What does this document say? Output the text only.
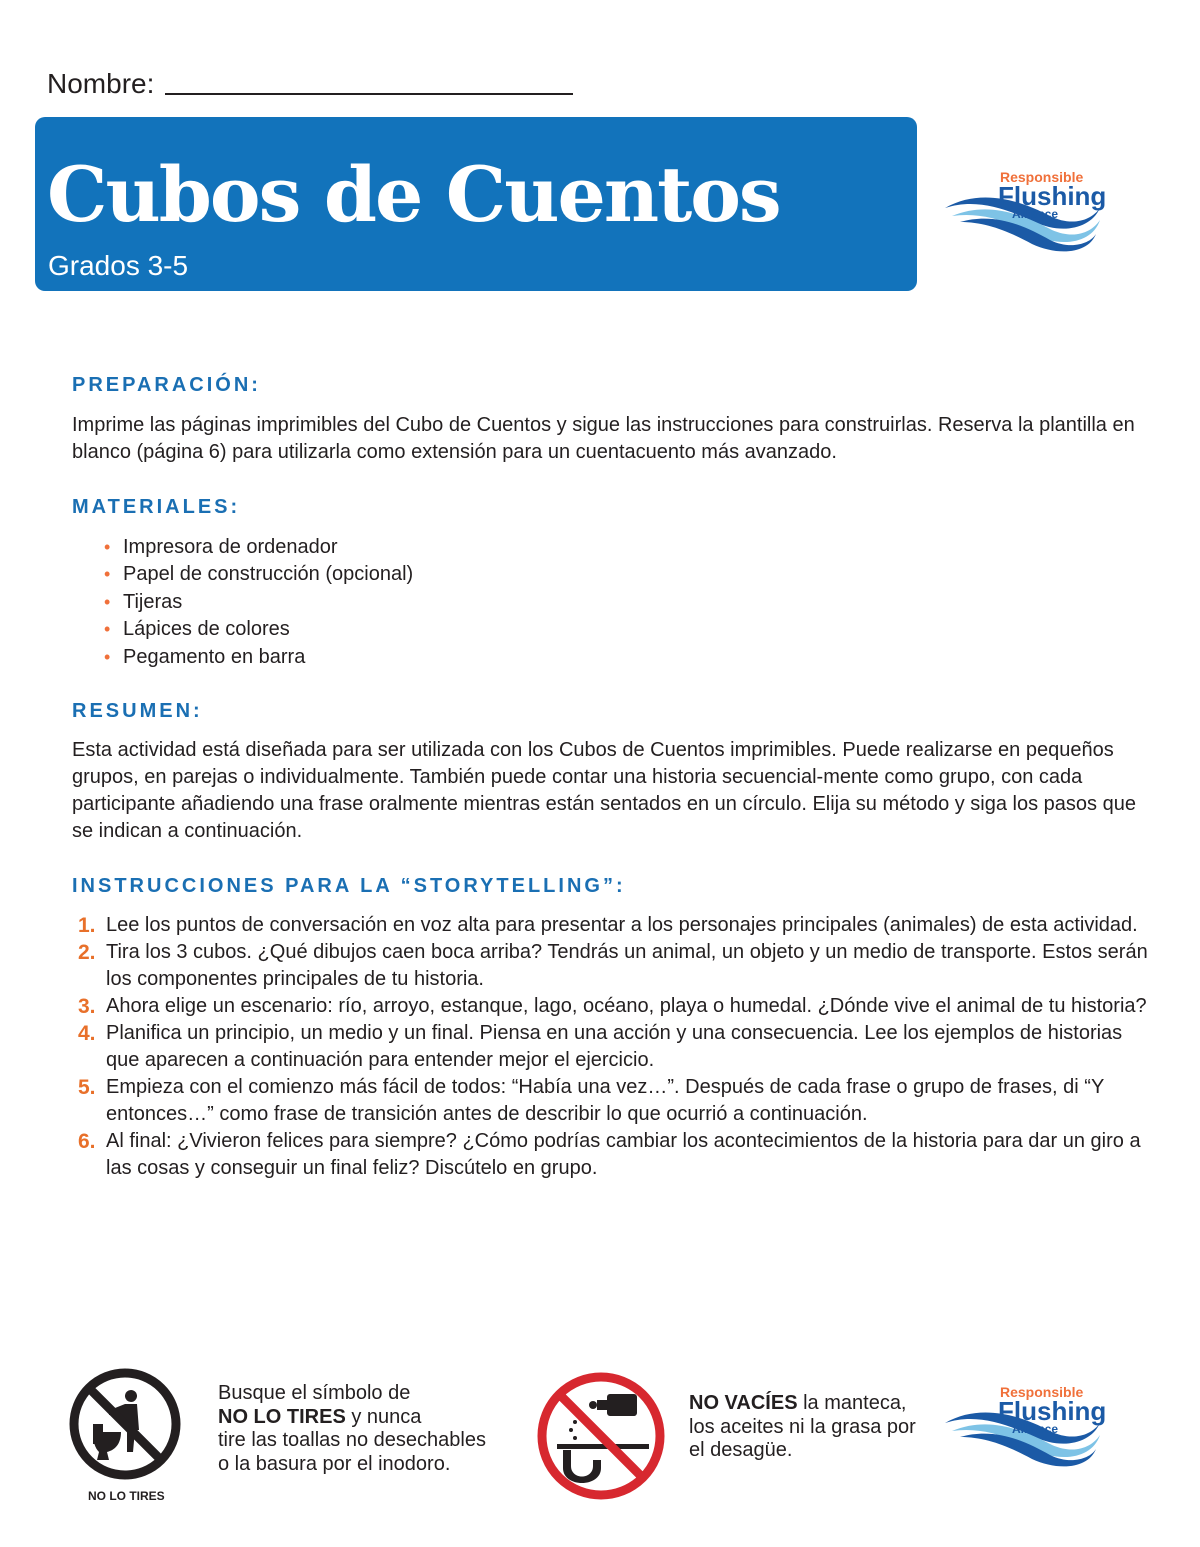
Nombre:
Cubos de Cuentos
Grados 3-5
Responsible
Flushing
Alliance
PREPARACIÓN:

Imprime las páginas imprimibles del Cubo de Cuentos y sigue las instrucciones para construirlas. Reserva la plantilla en blanco (página 6) para utilizarla como extensión para un cuentacuento más avanzado.

MATERIALES:
• Impresora de ordenador
• Papel de construcción (opcional)
• Tijeras
• Lápices de colores
• Pegamento en barra
RESUMEN:

Esta actividad está diseñada para ser utilizada con los Cubos de Cuentos imprimibles. Puede realizarse en pequeños grupos, en parejas o individualmente. También puede contar una historia secuencial-mente como grupo, con cada participante añadiendo una frase oralmente mientras están sentados en un círculo. Elija su método y siga los pasos que se indican a continuación.

INSTRUCCIONES PARA LA “STORYTELLING”:
1. Lee los puntos de conversación en voz alta para presentar a los personajes principales (animales) de esta actividad.
2. Tira los 3 cubos. ¿Qué dibujos caen boca arriba? Tendrás un animal, un objeto y un medio de transporte. Estos serán los componentes principales de tu historia.
3. Ahora elige un escenario: río, arroyo, estanque, lago, océano, playa o humedal. ¿Dónde vive el animal de tu historia?
4. Planifica un principio, un medio y un final. Piensa en una acción y una consecuencia. Lee los ejemplos de historias que aparecen a continuación para entender mejor el ejercicio.
5. Empieza con el comienzo más fácil de todos: “Había una vez…”. Después de cada frase o grupo de frases, di “Y entonces…” como frase de transición antes de describir lo que ocurrió a continuación.
6. Al final: ¿Vivieron felices para siempre? ¿Cómo podrías cambiar los acontecimientos de la historia para dar un giro a las cosas y conseguir un final feliz? Discútelo en grupo.
NO LO TIRES

Busque el símbolo de
NO LO TIRES y nunca
tire las toallas no desechables
o la basura por el inodoro.

NO VACÍES la manteca,
los aceites ni la grasa por
el desagüe.

Responsible
Flushing
Alliance
